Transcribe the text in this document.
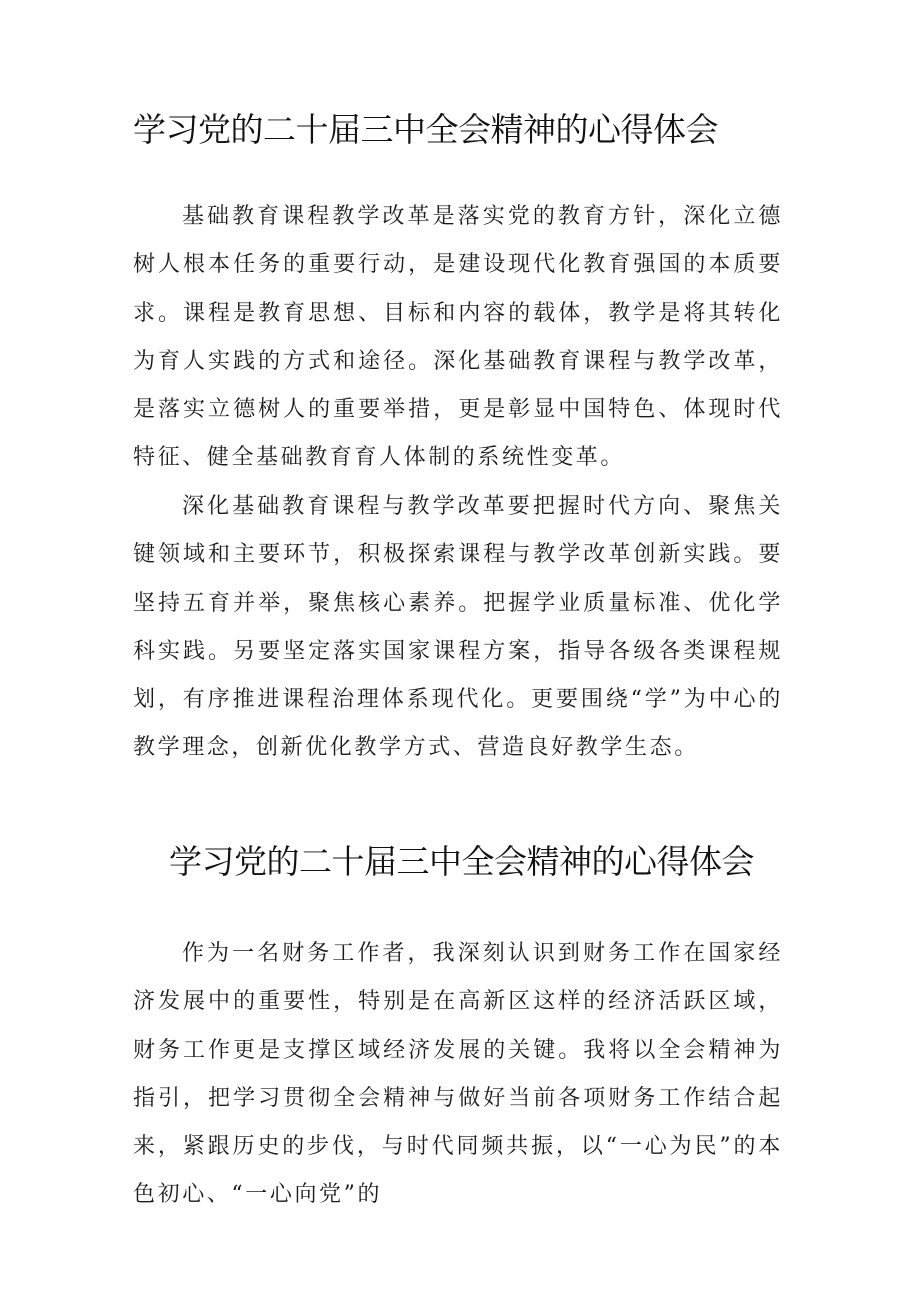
学习党的二十届三中全会精神的心得体会

基础教育课程教学改革是落实党的教育方针，深化立德树人根本任务的重要行动，是建设现代化教育强国的本质要求。课程是教育思想、目标和内容的载体，教学是将其转化为育人实践的方式和途径。深化基础教育课程与教学改革，是落实立德树人的重要举措，更是彰显中国特色、体现时代特征、健全基础教育育人体制的系统性变革。

深化基础教育课程与教学改革要把握时代方向、聚焦关键领域和主要环节，积极探索课程与教学改革创新实践。要坚持五育并举，聚焦核心素养。把握学业质量标准、优化学科实践。另要坚定落实国家课程方案，指导各级各类课程规划，有序推进课程治理体系现代化。更要围绕“学”为中心的教学理念，创新优化教学方式、营造良好教学生态。

学习党的二十届三中全会精神的心得体会

作为一名财务工作者，我深刻认识到财务工作在国家经济发展中的重要性，特别是在高新区这样的经济活跃区域，财务工作更是支撑区域经济发展的关键。我将以全会精神为指引，把学习贯彻全会精神与做好当前各项财务工作结合起来，紧跟历史的步伐，与时代同频共振，以“一心为民”的本色初心、“一心向党”的
